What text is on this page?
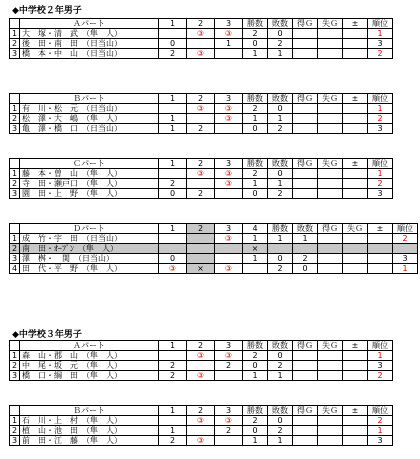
◆中学校２年男子
◆中学校３年男子
	Ａパート	1	2	3	勝数	敗数	得Ｇ	失Ｇ	±	順位
1	大　塚・清　武　（隼　人）		③	③	2	0				1
2	後　田・南　田　（日当山）	0		1	0	2				3
3	橋　本・中　山　（日当山）	2	③		1	1				2
	Ｂパート	1	2	3	勝数	敗数	得Ｇ	失Ｇ	±	順位
1	有　川・松　元　（日当山）		③	③	2	0				1
2	松　澤・大　嶋　（隼　人）	1		③	1	1				2
3	亀　澤・橋　口　（日当山）	1	2		0	2				3
	Ｃパート	1	2	3	勝数	敗数	得Ｇ	失Ｇ	±	順位
1	藤　本・曽　山　（隼　人）		③	③	2	0				1
2	寺　田・瀬戸口　（隼　人）	2		③	1	1				2
3	園　田・上　野　（隼　人）	0	2		0	2				3
	Ｄパート	1	2	3	4	勝数	敗数	得Ｇ	失Ｇ	±	順位
1	成　竹・宇　田　（日当山）			③	1	1	1				2
2	南　田・ｵｰﾌﾟﾝ　（隼　人）				×						
3	澤　桝・　関　（日当山）	0			1	0	2				3
4	田　代・平　野　（隼　人）	③	×	③		2	0				1
	Ａパート	1	2	3	勝数	敗数	得Ｇ	失Ｇ	±	順位
1	森　山・郡　山　（隼　人）		③	③	2	0				1
2	中　尾・坂　元　（隼　人）	2		2	0	2				3
3	橋　口・綱　田　（隼　人）	2	③		1	1				2
	Ｂパート	1	2	3	勝数	敗数	得Ｇ	失Ｇ	±	順位
1	石　川・上　村　（隼　人）		③	③	2	0				2
2	植　山・池　田　（隼　人）	1		2	0	2				1
3	前　田・江　藤　（隼　人）	2	③		1	1				3
